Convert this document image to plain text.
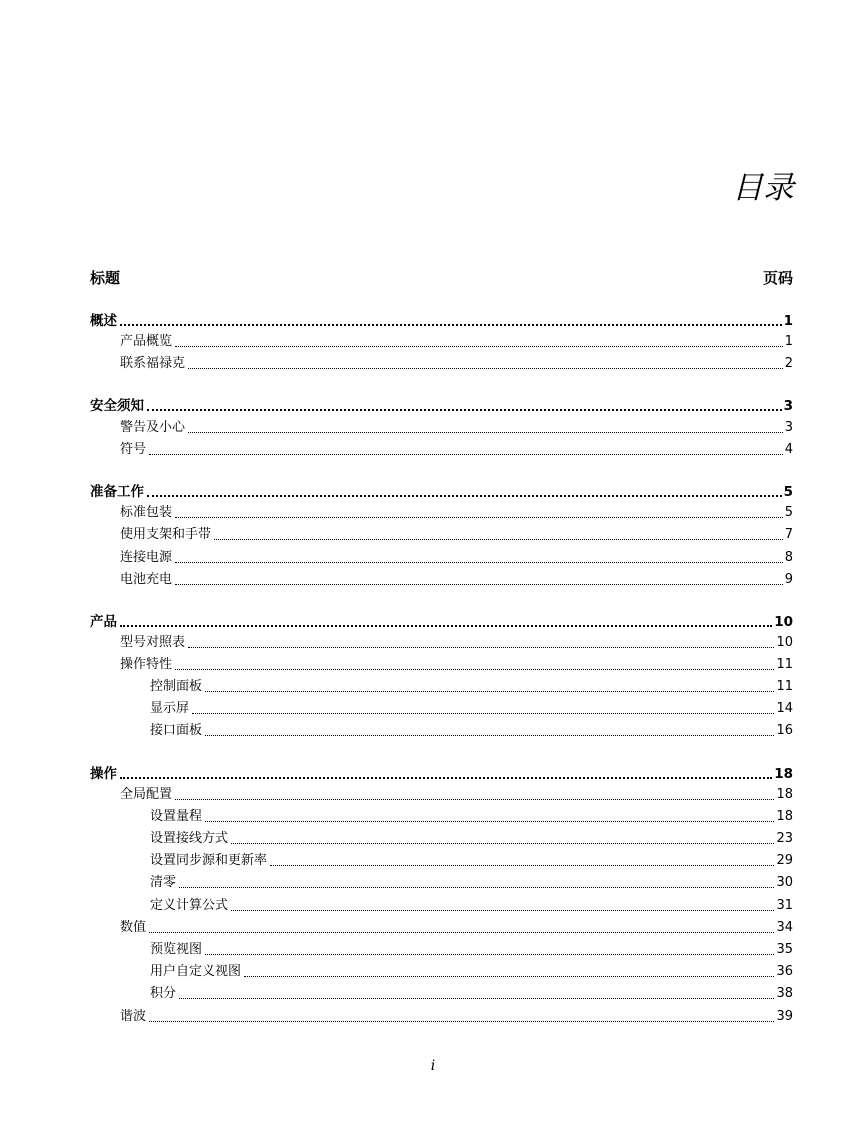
目录
标题	页码
概述	1
产品概览	1
联系福禄克	2
安全须知	3
警告及小心	3
符号	4
准备工作	5
标准包装	5
使用支架和手带	7
连接电源	8
电池充电	9
产品	10
型号对照表	10
操作特性	11
控制面板	11
显示屏	14
接口面板	16
操作	18
全局配置	18
设置量程	18
设置接线方式	23
设置同步源和更新率	29
清零	30
定义计算公式	31
数值	34
预览视图	35
用户自定义视图	36
积分	38
谐波	39
i
